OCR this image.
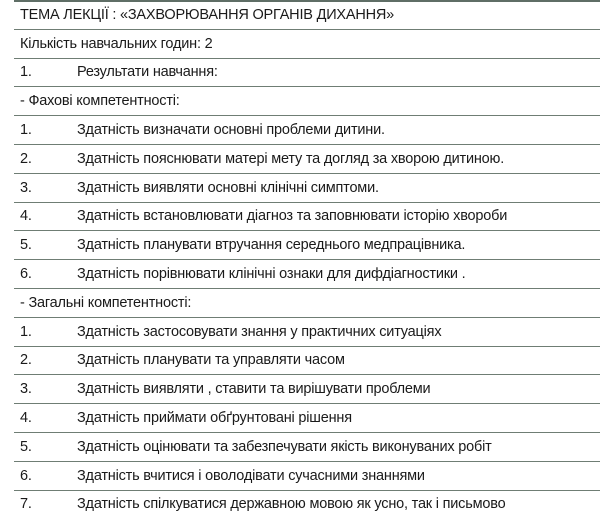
ТЕМА ЛЕКЦІЇ : «ЗАХВОРЮВАННЯ ОРГАНІВ ДИХАННЯ»
Кількість навчальних годин: 2
1.	Результати навчання:
- Фахові компетентності:
1.	Здатність визначати основні проблеми дитини.
2.	Здатність пояснювати матері мету та догляд за хворою дитиною.
3.	Здатність виявляти основні клінічні симптоми.
4.	Здатність встановлювати діагноз та заповнювати історію хвороби
5.	Здатність планувати втручання середнього медпрацівника.
6.	Здатність порівнювати клінічні ознаки для дифдіагностики .
- Загальні компетентності:
1.	Здатність застосовувати знання у практичних ситуаціях
2.	Здатність планувати та управляти часом
3.	Здатність виявляти , ставити та вирішувати проблеми
4.	Здатність приймати обґрунтовані рішення
5.	Здатність оцінювати та забезпечувати якість виконуваних робіт
6.	Здатність вчитися і оволодівати сучасними знаннями
7.	Здатність спілкуватися державною мовою як усно, так і письмово
